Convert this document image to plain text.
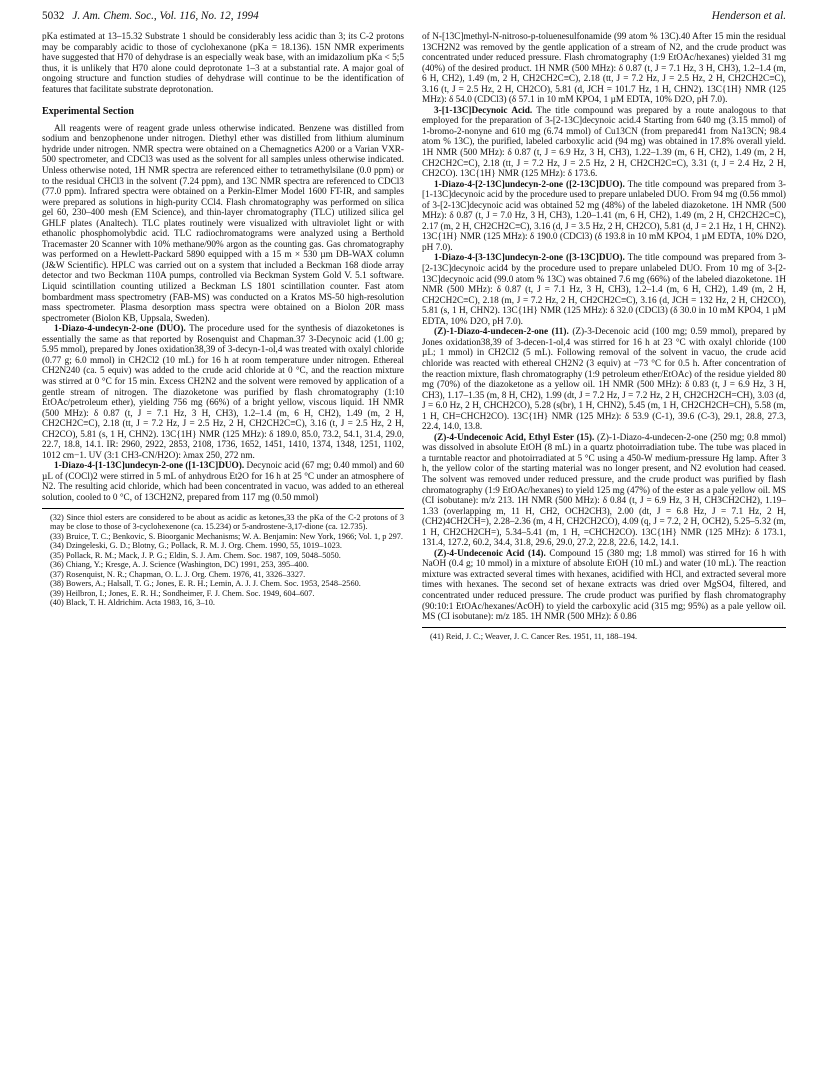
5032 J. Am. Chem. Soc., Vol. 116, No. 12, 1994	Henderson et al.

pKa estimated at 13–15.32 Substrate 1 should be considerably less acidic than 3; its C-2 protons may be comparably acidic to those of cyclohexanone (pKa = 18.136). 15N NMR experiments have suggested that H70 of dehydrase is an especially weak base, with an imidazolium pKa < 5;5 thus, it is unlikely that H70 alone could deprotonate 1–3 at a substantial rate. A major goal of ongoing structure and function studies of dehydrase will continue to be the identification of features that facilitate substrate deprotonation.

Experimental Section

All reagents were of reagent grade unless otherwise indicated. Benzene was distilled from sodium and benzophenone under nitrogen. Diethyl ether was distilled from lithium aluminum hydride under nitrogen. NMR spectra were obtained on a Chemagnetics A200 or a Varian VXR-500 spectrometer, and CDCl3 was used as the solvent for all samples unless otherwise indicated. Unless otherwise noted, 1H NMR spectra are referenced either to tetramethylsilane (0.0 ppm) or to the residual CHCl3 in the solvent (7.24 ppm), and 13C NMR spectra are referenced to CDCl3 (77.0 ppm). Infrared spectra were obtained on a Perkin-Elmer Model 1600 FT-IR, and samples were prepared as solutions in high-purity CCl4. Flash chromatography was performed on silica gel 60, 230–400 mesh (EM Science), and thin-layer chromatography (TLC) utilized silica gel GHLF plates (Analtech). TLC plates routinely were visualized with ultraviolet light or with ethanolic phosphomolybdic acid. TLC radiochromatograms were analyzed using a Berthold Tracemaster 20 Scanner with 10% methane/90% argon as the counting gas. Gas chromatography was performed on a Hewlett-Packard 5890 equipped with a 15 m × 530 µm DB-WAX column (J&W Scientific). HPLC was carried out on a system that included a Beckman 168 diode array detector and two Beckman 110A pumps, controlled via Beckman System Gold V. 5.1 software. Liquid scintillation counting utilized a Beckman LS 1801 scintillation counter. Fast atom bombardment mass spectrometry (FAB-MS) was conducted on a Kratos MS-50 high-resolution mass spectrometer. Plasma desorption mass spectra were obtained on a Biolon 20R mass spectrometer (Biolon KB, Uppsala, Sweden).

1-Diazo-4-undecyn-2-one (DUO). The procedure used for the synthesis of diazoketones is essentially the same as that reported by Rosenquist and Chapman.37 3-Decynoic acid (1.00 g; 5.95 mmol), prepared by Jones oxidation38,39 of 3-decyn-1-ol,4 was treated with oxalyl chloride (0.77 g; 6.0 mmol) in CH2Cl2 (10 mL) for 16 h at room temperature under nitrogen. Ethereal CH2N240 (ca. 5 equiv) was added to the crude acid chloride at 0 °C, and the reaction mixture was stirred at 0 °C for 15 min. Excess CH2N2 and the solvent were removed by application of a gentle stream of nitrogen. The diazoketone was purified by flash chromatography (1:10 EtOAc/petroleum ether), yielding 756 mg (66%) of a bright yellow, viscous liquid. 1H NMR (500 MHz): δ 0.87 (t, J = 7.1 Hz, 3 H, CH3), 1.2–1.4 (m, 6 H, CH2), 1.49 (m, 2 H, CH2CH2C≡C), 2.18 (tt, J = 7.2 Hz, J = 2.5 Hz, 2 H, CH2CH2C≡C), 3.16 (t, J = 2.5 Hz, 2 H, CH2CO), 5.81 (s, 1 H, CHN2). 13C{1H} NMR (125 MHz): δ 189.0, 85.0, 73.2, 54.1, 31.4, 29.0, 22.7, 18.8, 14.1. IR: 2960, 2922, 2853, 2108, 1736, 1652, 1451, 1410, 1374, 1348, 1251, 1102, 1012 cm−1. UV (3:1 CH3-CN/H2O): λmax 250, 272 nm.

1-Diazo-4-[1-13C]undecyn-2-one ([1-13C]DUO). Decynoic acid (67 mg; 0.40 mmol) and 60 µL of (COCl)2 were stirred in 5 mL of anhydrous Et2O for 16 h at 25 °C under an atmosphere of N2. The resulting acid chloride, which had been concentrated in vacuo, was added to an ethereal solution, cooled to 0 °C, of 13CH2N2, prepared from 117 mg (0.50 mmol)

(32) Since thiol esters are considered to be about as acidic as ketones,33 the pKa of the C-2 protons of 3 may be close to those of 3-cyclohexenone (ca. 15.234) or 5-androstene-3,17-dione (ca. 12.735).

(33) Bruice, T. C.; Benkovic, S. Bioorganic Mechanisms; W. A. Benjamin: New York, 1966; Vol. 1, p 297.

(34) Dzingeleski, G. D.; Blotny, G.; Pollack, R. M. J. Org. Chem. 1990, 55, 1019–1023.

(35) Pollack, R. M.; Mack, J. P. G.; Eldin, S. J. Am. Chem. Soc. 1987, 109, 5048–5050.

(36) Chiang, Y.; Kresge, A. J. Science (Washington, DC) 1991, 253, 395–400.

(37) Rosenquist, N. R.; Chapman, O. L. J. Org. Chem. 1976, 41, 3326–3327.

(38) Bowers, A.; Halsall, T. G.; Jones, E. R. H.; Lemin, A. J. J. Chem. Soc. 1953, 2548–2560.

(39) Heilbron, I.; Jones, E. R. H.; Sondheimer, F. J. Chem. Soc. 1949, 604–607.

(40) Black, T. H. Aldrichim. Acta 1983, 16, 3–10.

of N-[13C]methyl-N-nitroso-p-toluenesulfonamide (99 atom % 13C).40 After 15 min the residual 13CH2N2 was removed by the gentle application of a stream of N2, and the crude product was concentrated under reduced pressure. Flash chromatography (1:9 EtOAc/hexanes) yielded 31 mg (40%) of the desired product. 1H NMR (500 MHz): δ 0.87 (t, J = 7.1 Hz, 3 H, CH3), 1.2–1.4 (m, 6 H, CH2), 1.49 (m, 2 H, CH2CH2C≡C), 2.18 (tt, J = 7.2 Hz, J = 2.5 Hz, 2 H, CH2CH2C≡C), 3.16 (t, J = 2.5 Hz, 2 H, CH2CO), 5.81 (d, JCH = 101.7 Hz, 1 H, CHN2). 13C{1H} NMR (125 MHz): δ 54.0 (CDCl3) (δ 57.1 in 10 mM KPO4, 1 µM EDTA, 10% D2O, pH 7.0).

3-[1-13C]Decynoic Acid. The title compound was prepared by a route analogous to that employed for the preparation of 3-[2-13C]decynoic acid.4 Starting from 640 mg (3.15 mmol) of 1-bromo-2-nonyne and 610 mg (6.74 mmol) of Cu13CN (from prepared41 from Na13CN; 98.4 atom % 13C), the purified, labeled carboxylic acid (94 mg) was obtained in 17.8% overall yield. 1H NMR (500 MHz): δ 0.87 (t, J = 6.9 Hz, 3 H, CH3), 1.22–1.39 (m, 6 H, CH2), 1.49 (m, 2 H, CH2CH2C≡C), 2.18 (tt, J = 7.2 Hz, J = 2.5 Hz, 2 H, CH2CH2C≡C), 3.31 (t, J = 2.4 Hz, 2 H, CH2CO). 13C{1H} NMR (125 MHz): δ 173.6.

1-Diazo-4-[2-13C]undecyn-2-one ([2-13C]DUO). The title compound was prepared from 3-[1-13C]decynoic acid by the procedure used to prepare unlabeled DUO. From 94 mg (0.56 mmol) of 3-[2-13C]decynoic acid was obtained 52 mg (48%) of the labeled diazoketone. 1H NMR (500 MHz): δ 0.87 (t, J = 7.0 Hz, 3 H, CH3), 1.20–1.41 (m, 6 H, CH2), 1.49 (m, 2 H, CH2CH2C≡C), 2.17 (m, 2 H, CH2CH2C≡C), 3.16 (d, J = 3.5 Hz, 2 H, CH2CO), 5.81 (d, J = 2.1 Hz, 1 H, CHN2). 13C{1H} NMR (125 MHz): δ 190.0 (CDCl3) (δ 193.8 in 10 mM KPO4, 1 µM EDTA, 10% D2O, pH 7.0).

1-Diazo-4-[3-13C]undecyn-2-one ([3-13C]DUO). The title compound was prepared from 3-[2-13C]decynoic acid4 by the procedure used to prepare unlabeled DUO. From 10 mg of 3-[2-13C]decynoic acid (99.0 atom % 13C) was obtained 7.6 mg (66%) of the labeled diazoketone. 1H NMR (500 MHz): δ 0.87 (t, J = 7.1 Hz, 3 H, CH3), 1.2–1.4 (m, 6 H, CH2), 1.49 (m, 2 H, CH2CH2C≡C), 2.18 (m, J = 7.2 Hz, 2 H, CH2CH2C≡C), 3.16 (d, JCH = 132 Hz, 2 H, CH2CO), 5.81 (s, 1 H, CHN2). 13C{1H} NMR (125 MHz): δ 32.0 (CDCl3) (δ 30.0 in 10 mM KPO4, 1 µM EDTA, 10% D2O, pH 7.0).

(Z)-1-Diazo-4-undecen-2-one (11). (Z)-3-Decenoic acid (100 mg; 0.59 mmol), prepared by Jones oxidation38,39 of 3-decen-1-ol,4 was stirred for 16 h at 23 °C with oxalyl chloride (100 µL; 1 mmol) in CH2Cl2 (5 mL). Following removal of the solvent in vacuo, the crude acid chloride was reacted with ethereal CH2N2 (3 equiv) at −73 °C for 0.5 h. After concentration of the reaction mixture, flash chromatography (1:9 petroleum ether/EtOAc) of the residue yielded 80 mg (70%) of the diazoketone as a yellow oil. 1H NMR (500 MHz): δ 0.83 (t, J = 6.9 Hz, 3 H, CH3), 1.17–1.35 (m, 8 H, CH2), 1.99 (dt, J = 7.2 Hz, J = 7.2 Hz, 2 H, CH2CH2CH=CH), 3.03 (d, J = 6.0 Hz, 2 H, CHCH2CO), 5.28 (s(br), 1 H, CHN2), 5.45 (m, 1 H, CH2CH2CH=CH), 5.58 (m, 1 H, CH=CHCH2CO). 13C{1H} NMR (125 MHz): δ 53.9 (C-1), 39.6 (C-3), 29.1, 28.8, 27.3, 22.4, 14.0, 13.8.

(Z)-4-Undecenoic Acid, Ethyl Ester (15). (Z)-1-Diazo-4-undecen-2-one (250 mg; 0.8 mmol) was dissolved in absolute EtOH (8 mL) in a quartz photoirradiation tube. The tube was placed in a turntable reactor and photoirradiated at 5 °C using a 450-W medium-pressure Hg lamp. After 3 h, the yellow color of the starting material was no longer present, and N2 evolution had ceased. The solvent was removed under reduced pressure, and the crude product was purified by flash chromatography (1:9 EtOAc/hexanes) to yield 125 mg (47%) of the ester as a pale yellow oil. MS (CI isobutane): m/z 213. 1H NMR (500 MHz): δ 0.84 (t, J = 6.9 Hz, 3 H, CH3CH2CH2), 1.19–1.33 (overlapping m, 11 H, CH2, OCH2CH3), 2.00 (dt, J = 6.8 Hz, J = 7.1 Hz, 2 H, (CH2)4CH2CH=), 2.28–2.36 (m, 4 H, CH2CH2CO), 4.09 (q, J = 7.2, 2 H, OCH2), 5.25–5.32 (m, 1 H, CH2CH2CH=), 5.34–5.41 (m, 1 H, =CHCH2CO). 13C{1H} NMR (125 MHz): δ 173.1, 131.4, 127.2, 60.2, 34.4, 31.8, 29.6, 29.0, 27.2, 22.8, 22.6, 14.2, 14.1.

(Z)-4-Undecenoic Acid (14). Compound 15 (380 mg; 1.8 mmol) was stirred for 16 h with NaOH (0.4 g; 10 mmol) in a mixture of absolute EtOH (10 mL) and water (10 mL). The reaction mixture was extracted several times with hexanes, acidified with HCl, and extracted several more times with hexanes. The second set of hexane extracts was dried over MgSO4, filtered, and concentrated under reduced pressure. The crude product was purified by flash chromatography (90:10:1 EtOAc/hexanes/AcOH) to yield the carboxylic acid (315 mg; 95%) as a pale yellow oil. MS (CI isobutane): m/z 185. 1H NMR (500 MHz): δ 0.86

(41) Reid, J. C.; Weaver, J. C. Cancer Res. 1951, 11, 188–194.
